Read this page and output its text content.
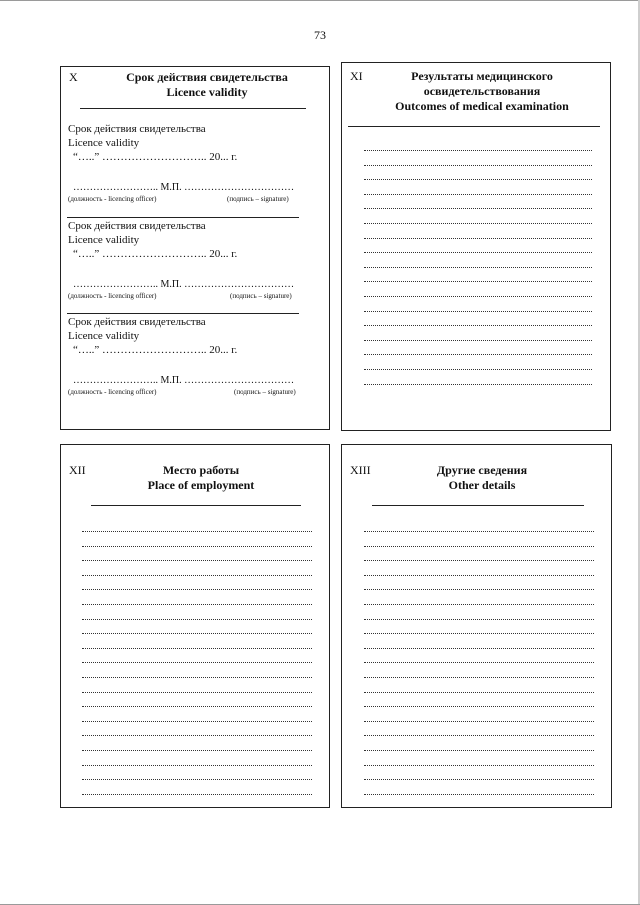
73
X	Срок действия свидетельства
Licence validity
Срок действия свидетельства
Licence validity
“…..” ……………………….. 20... г.
…………………….. М.П. ……………………………
(должность - licencing officer)	(подпись – signature)
Срок действия свидетельства
Licence validity
“…..” ……………………….. 20... г.
…………………….. М.П. ……………………………
(должность - licencing officer)	(подпись – signature)
Срок действия свидетельства
Licence validity
“…..” ……………………….. 20... г.
…………………….. М.П. ……………………………
(должность - licencing officer)	(подпись – signature)
XI	Результаты медицинского
освидетельствования
Outcomes of medical examination
XII	Место работы
Place of employment
XIII	Другие сведения
Other details
